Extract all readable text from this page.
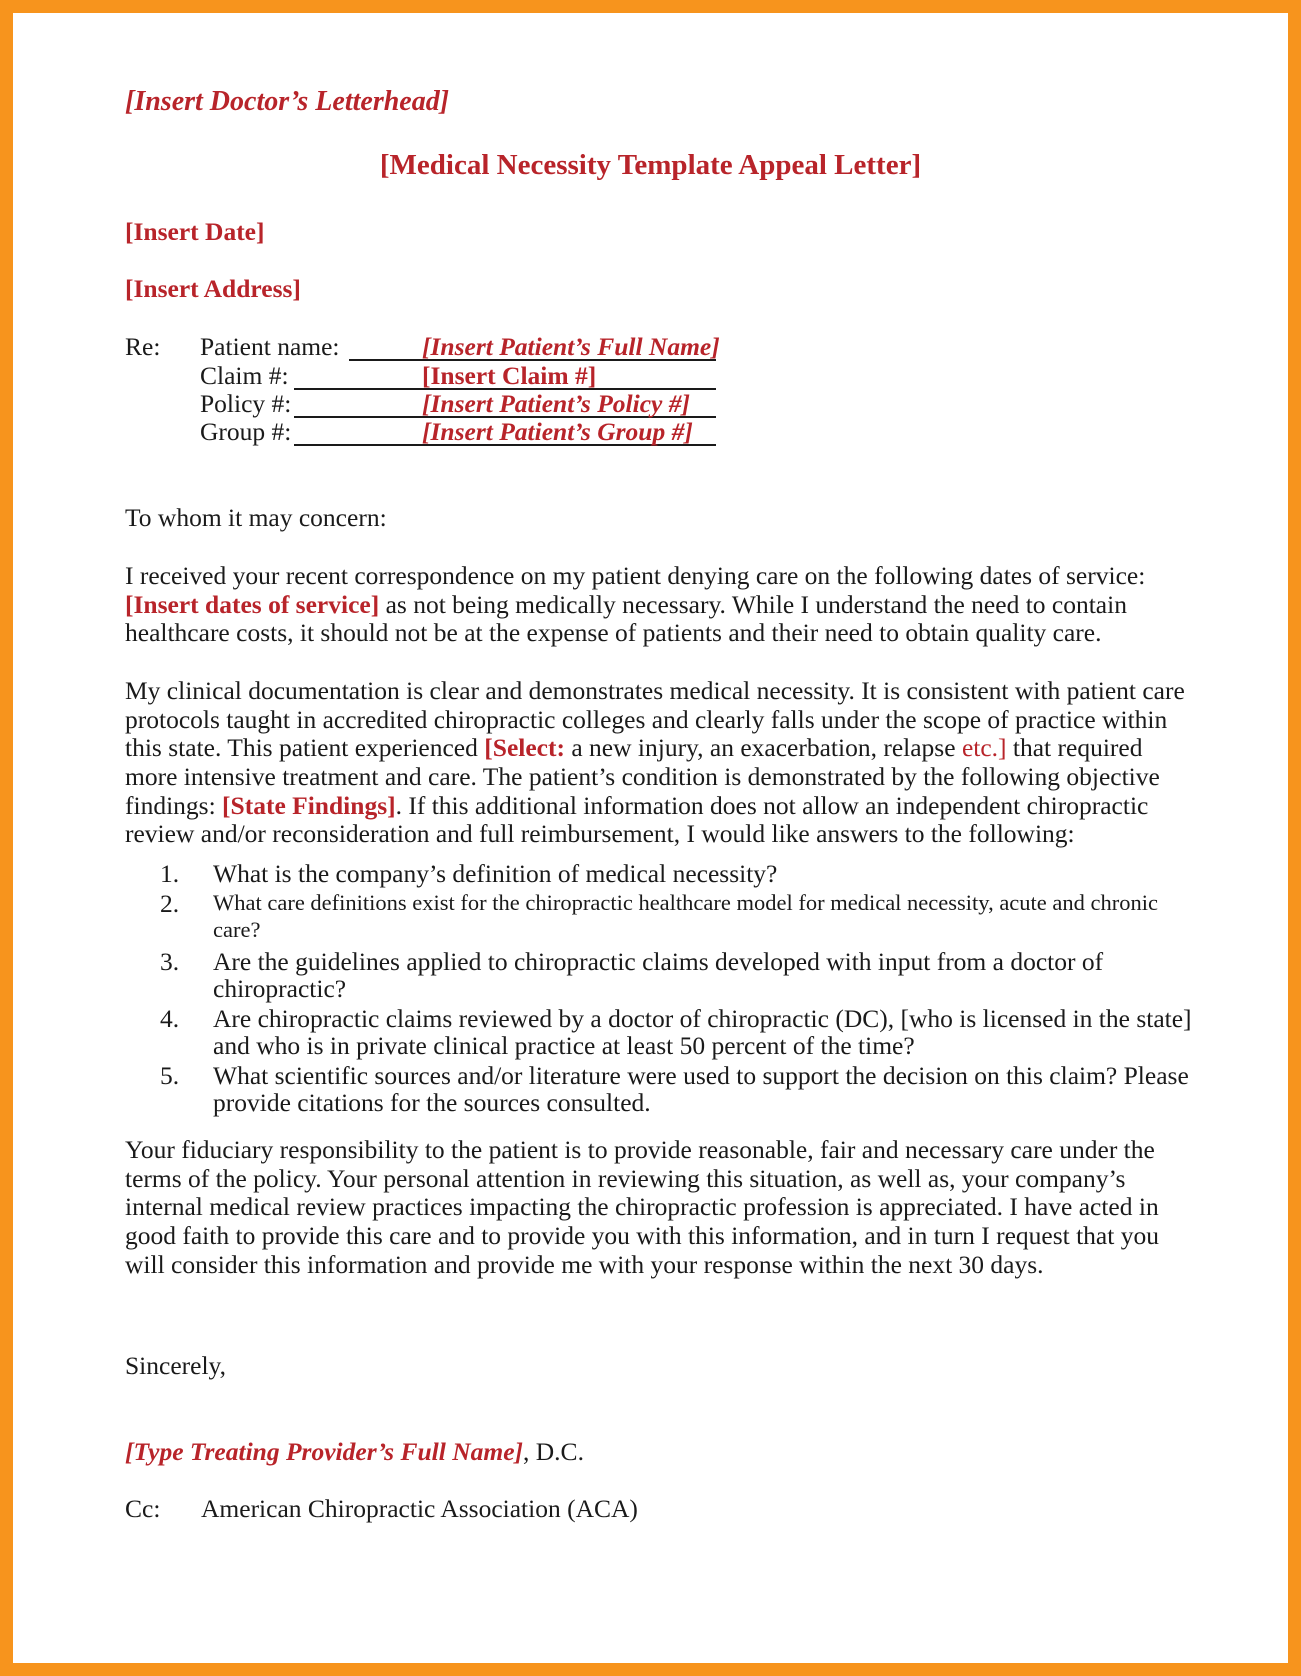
[Insert Doctor’s Letterhead]
[Medical Necessity Template Appeal Letter]
[Insert Date]
[Insert Address]
Re: Patient name:	[Insert Patient’s Full Name]
Claim #:	[Insert Claim #]
Policy #:	[Insert Patient’s Policy #]
Group #:	[Insert Patient’s Group #]
To whom it may concern:
I received your recent correspondence on my patient denying care on the following dates of service:
[Insert dates of service] as not being medically necessary. While I understand the need to contain
healthcare costs, it should not be at the expense of patients and their need to obtain quality care.
My clinical documentation is clear and demonstrates medical necessity. It is consistent with patient care
protocols taught in accredited chiropractic colleges and clearly falls under the scope of practice within
this state. This patient experienced [Select: a new injury, an exacerbation, relapse etc.] that required
more intensive treatment and care. The patient’s condition is demonstrated by the following objective
findings: [State Findings]. If this additional information does not allow an independent chiropractic
review and/or reconsideration and full reimbursement, I would like answers to the following:
1. What is the company’s definition of medical necessity?
2. What care definitions exist for the chiropractic healthcare model for medical necessity, acute and chronic
care?
3. Are the guidelines applied to chiropractic claims developed with input from a doctor of
chiropractic?
4. Are chiropractic claims reviewed by a doctor of chiropractic (DC), [who is licensed in the state]
and who is in private clinical practice at least 50 percent of the time?
5. What scientific sources and/or literature were used to support the decision on this claim? Please
provide citations for the sources consulted.
Your fiduciary responsibility to the patient is to provide reasonable, fair and necessary care under the
terms of the policy. Your personal attention in reviewing this situation, as well as, your company’s
internal medical review practices impacting the chiropractic profession is appreciated. I have acted in
good faith to provide this care and to provide you with this information, and in turn I request that you
will consider this information and provide me with your response within the next 30 days.
Sincerely,
[Type Treating Provider’s Full Name], D.C.
Cc: American Chiropractic Association (ACA)
